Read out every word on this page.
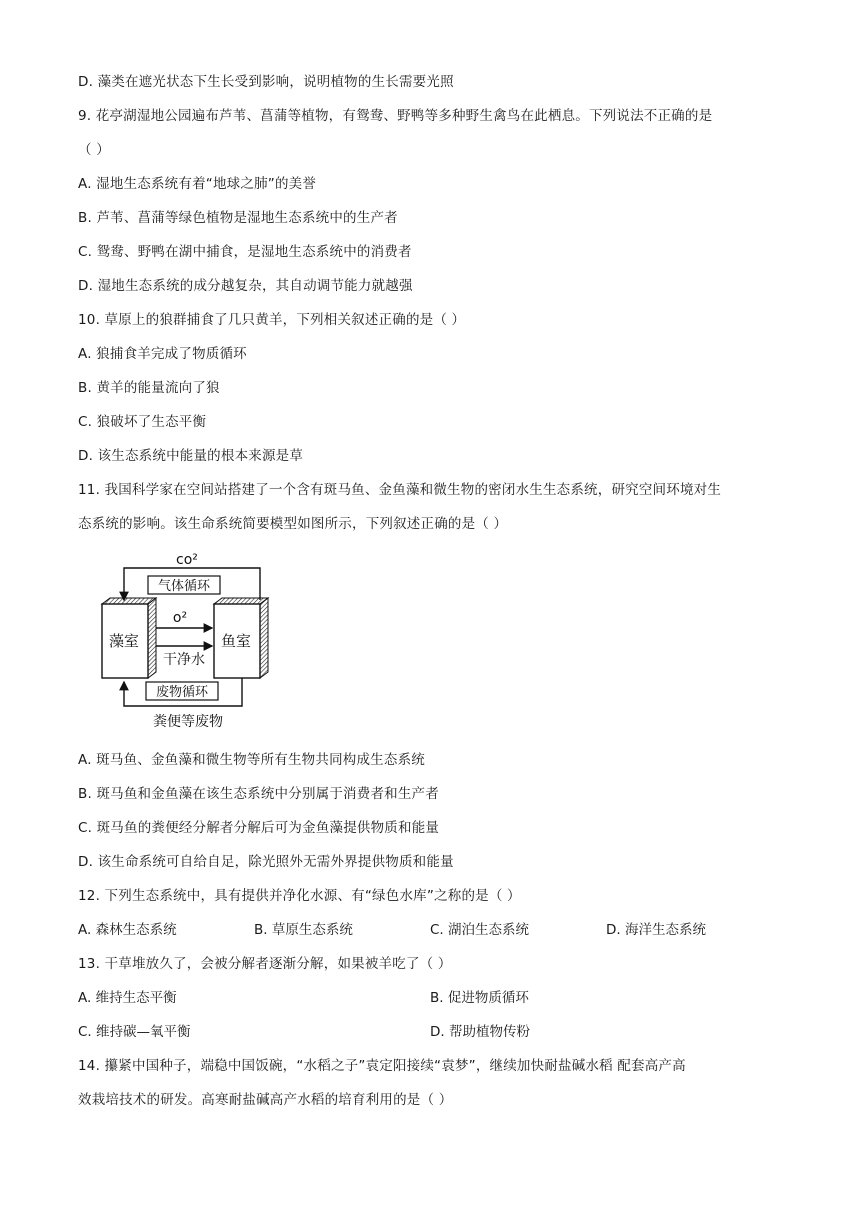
D. 藻类在遮光状态下生长受到影响，说明植物的生长需要光照
9. 花亭湖湿地公园遍布芦苇、菖蒲等植物，有鸳鸯、野鸭等多种野生禽鸟在此栖息。下列说法不正确的是
（ ）
A. 湿地生态系统有着“地球之肺”的美誉
B. 芦苇、菖蒲等绿色植物是湿地生态系统中的生产者
C. 鸳鸯、野鸭在湖中捕食，是湿地生态系统中的消费者
D. 湿地生态系统的成分越复杂，其自动调节能力就越强
10. 草原上的狼群捕食了几只黄羊，下列相关叙述正确的是（ ）
A. 狼捕食羊完成了物质循环
B. 黄羊的能量流向了狼
C. 狼破坏了生态平衡
D. 该生态系统中能量的根本来源是草
11. 我国科学家在空间站搭建了一个含有斑马鱼、金鱼藻和微生物的密闭水生生态系统，研究空间环境对生
态系统的影响。该生命系统简要模型如图所示，下列叙述正确的是（ ）
co²
气体循环
藻室	鱼室
o²
干净水
废物循环
粪便等废物
A. 斑马鱼、金鱼藻和微生物等所有生物共同构成生态系统
B. 斑马鱼和金鱼藻在该生态系统中分别属于消费者和生产者
C. 斑马鱼的粪便经分解者分解后可为金鱼藻提供物质和能量
D. 该生命系统可自给自足，除光照外无需外界提供物质和能量
12. 下列生态系统中，具有提供并净化水源、有“绿色水库”之称的是（ ）
A. 森林生态系统	B. 草原生态系统	C. 湖泊生态系统	D. 海洋生态系统
13. 干草堆放久了，会被分解者逐渐分解，如果被羊吃了（ ）
A. 维持生态平衡	B. 促进物质循环
C. 维持碳—氧平衡	D. 帮助植物传粉
14. 攥紧中国种子，端稳中国饭碗，“水稻之子”袁定阳接续“袁梦”，继续加快耐盐碱水稻 配套高产高
效栽培技术的研发。高寒耐盐碱高产水稻的培育利用的是（ ）
